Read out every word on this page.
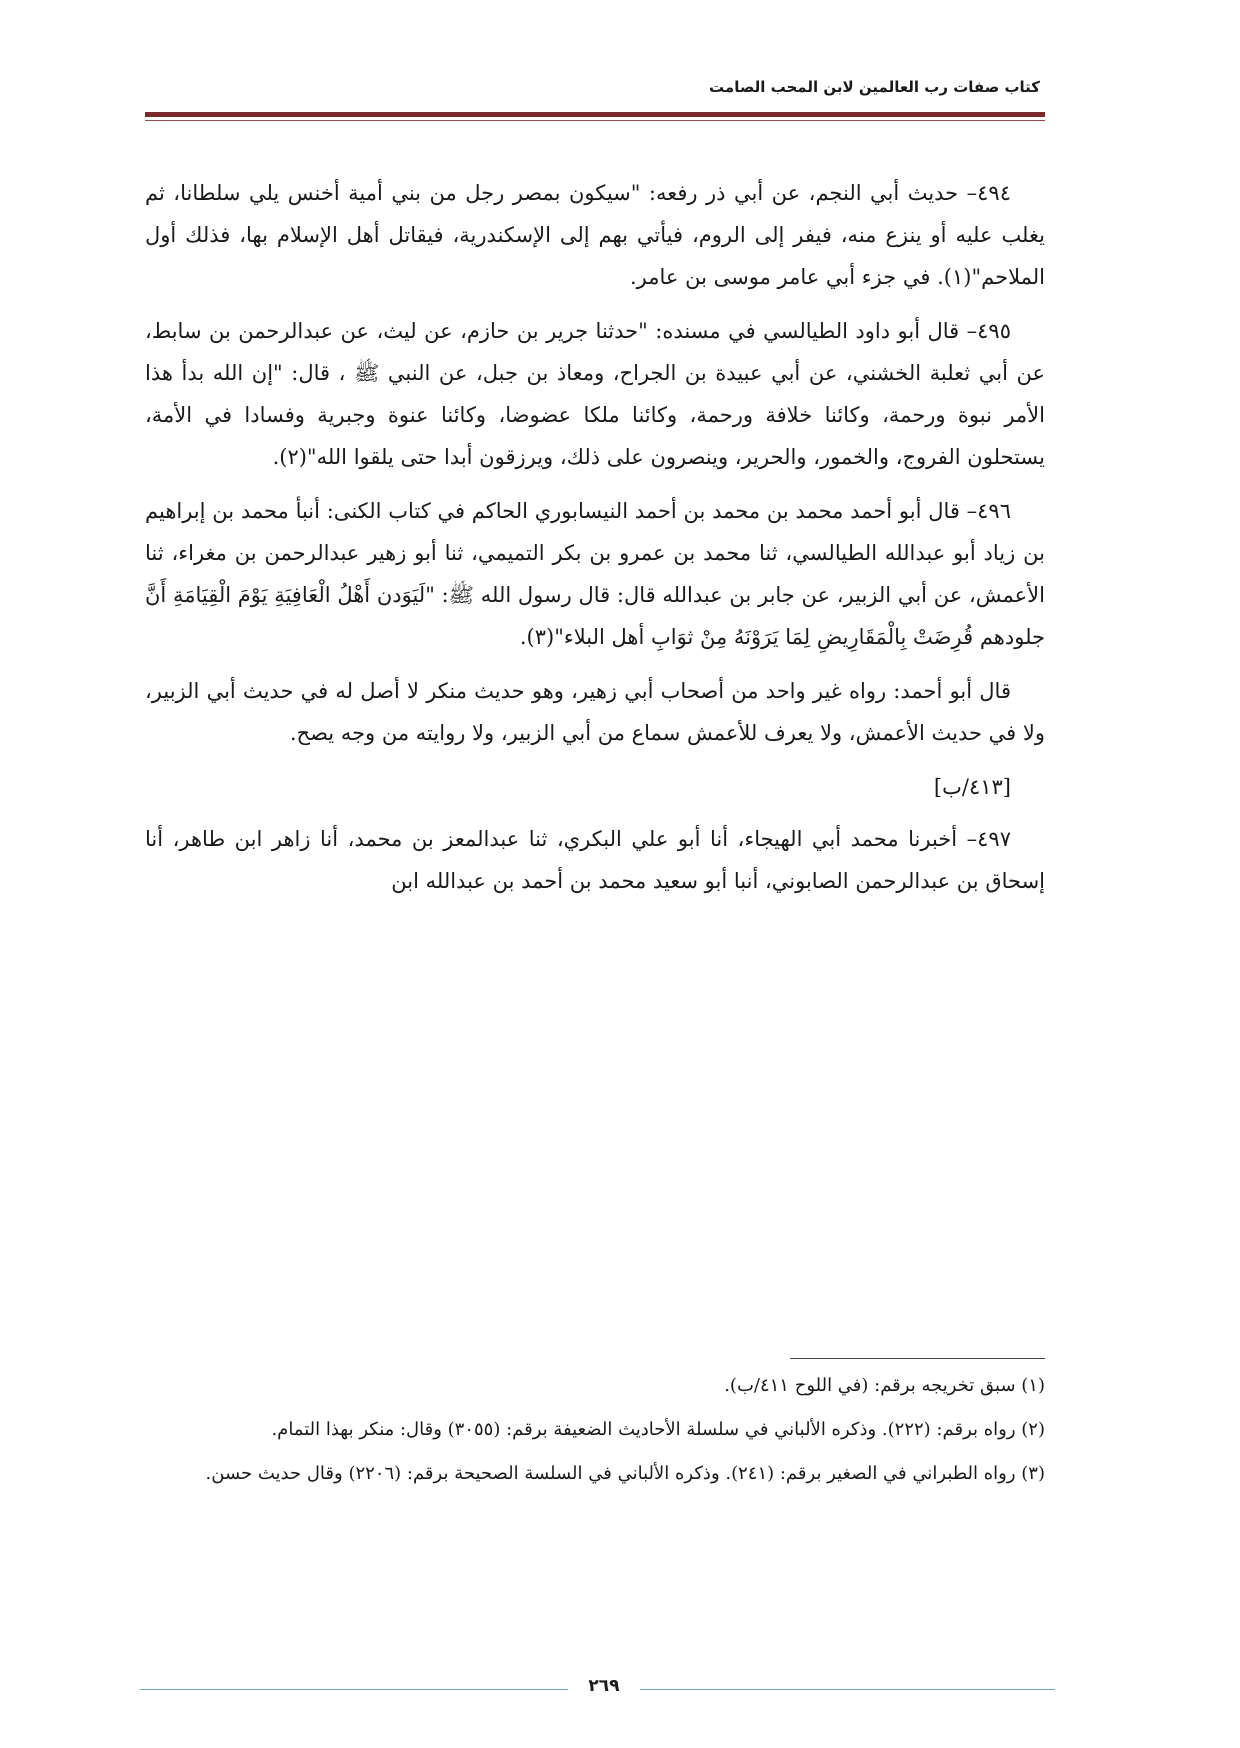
كتاب صفات رب العالمين لابن المحب الصامت

٤٩٤– حديث أبي النجم، عن أبي ذر رفعه: "سيكون بمصر رجل من بني أمية أخنس يلي سلطانا، ثم يغلب عليه أو ينزع منه، فيفر إلى الروم، فيأتي بهم إلى الإسكندرية، فيقاتل أهل الإسلام بها، فذلك أول الملاحم"(١). في جزء أبي عامر موسى بن عامر.

٤٩٥– قال أبو داود الطيالسي في مسنده: "حدثنا جرير بن حازم، عن ليث، عن عبدالرحمن بن سابط، عن أبي ثعلبة الخشني، عن أبي عبيدة بن الجراح، ومعاذ بن جبل، عن النبي ﷺ ، قال: "إن الله بدأ هذا الأمر نبوة ورحمة، وكائنا خلافة ورحمة، وكائنا ملكا عضوضا، وكائنا عنوة وجبرية وفسادا في الأمة، يستحلون الفروج، والخمور، والحرير، وينصرون على ذلك، ويرزقون أبدا حتى يلقوا الله"(٢).

٤٩٦– قال أبو أحمد محمد بن محمد بن أحمد النيسابوري الحاكم في كتاب الكنى: أنبأ محمد بن إبراهيم بن زياد أبو عبدالله الطيالسي، ثنا محمد بن عمرو بن بكر التميمي، ثنا أبو زهير عبدالرحمن بن مغراء، ثنا الأعمش، عن أبي الزبير، عن جابر بن عبدالله قال: قال رسول الله ﷺ: "لَيَوَدن أَهْلُ الْعَافِيَةِ يَوْمَ الْقِيَامَةِ أَنَّ جلودهم قُرِضَتْ بِالْمَقَارِيضِ لِمَا يَرَوْنَهُ مِنْ ثوَابِ أهل البلاء"(٣).

قال أبو أحمد: رواه غير واحد من أصحاب أبي زهير، وهو حديث منكر لا أصل له في حديث أبي الزبير، ولا في حديث الأعمش، ولا يعرف للأعمش سماع من أبي الزبير، ولا روايته من وجه يصح.

[٤١٣/ب]

٤٩٧– أخبرنا محمد أبي الهيجاء، أنا أبو علي البكري، ثنا عبدالمعز بن محمد، أنا زاهر ابن طاهر، أنا إسحاق بن عبدالرحمن الصابوني، أنبا أبو سعيد محمد بن أحمد بن عبدالله ابن

(١) سبق تخريجه برقم: (في اللوح ٤١١/ب).

(٢) رواه برقم: (٢٢٢). وذكره الألباني في سلسلة الأحاديث الضعيفة برقم: (٣٠٥٥) وقال: منكر بهذا التمام.

(٣) رواه الطبراني في الصغير برقم: (٢٤١). وذكره الألباني في السلسة الصحيحة برقم: (٢٢٠٦) وقال حديث حسن.

٢٦٩
